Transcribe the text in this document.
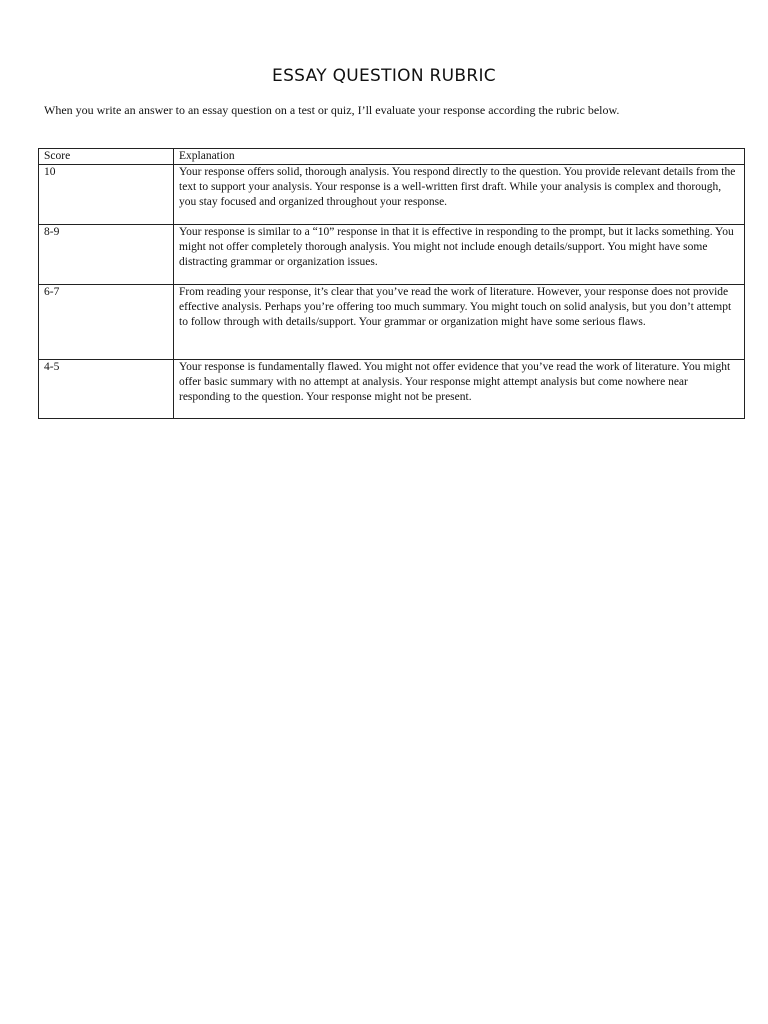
ESSAY QUESTION RUBRIC

When you write an answer to an essay question on a test or quiz, I’ll evaluate your response according the rubric below.

Score	Explanation
10	Your response offers solid, thorough analysis. You respond directly to the question. You provide relevant details from the text to support your analysis. Your response is a well-written first draft. While your analysis is complex and thorough, you stay focused and organized throughout your response.
8-9	Your response is similar to a “10” response in that it is effective in responding to the prompt, but it lacks something. You might not offer completely thorough analysis. You might not include enough details/support. You might have some distracting grammar or organization issues.
6-7	From reading your response, it’s clear that you’ve read the work of literature. However, your response does not provide effective analysis. Perhaps you’re offering too much summary. You might touch on solid analysis, but you don’t attempt to follow through with details/support. Your grammar or organization might have some serious flaws.
4-5	Your response is fundamentally flawed. You might not offer evidence that you’ve read the work of literature. You might offer basic summary with no attempt at analysis. Your response might attempt analysis but come nowhere near responding to the question. Your response might not be present.
